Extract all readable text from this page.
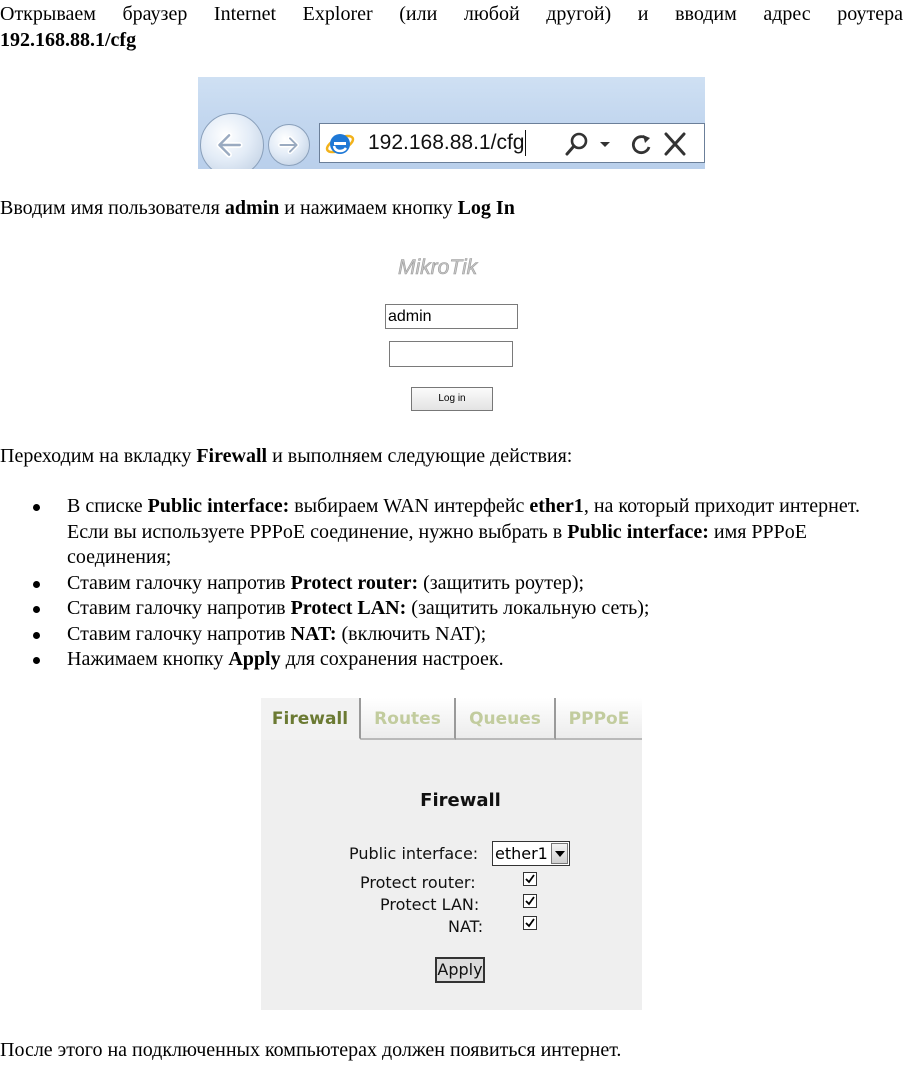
Открываем браузер Internet Explorer (или любой другой) и вводим адрес роутера
192.168.88.1/cfg
192.168.88.1/cfg
Вводим имя пользователя admin и нажимаем кнопку Log In
MikroTik
admin
Log in
Переходим на вкладку Firewall и выполняем следующие действия:
В списке Public interface: выбираем WAN интерфейс ether1, на который приходит интернет. Если вы используете PPPoE соединение, нужно выбрать в Public interface: имя PPPoE соединения;
Ставим галочку напротив Protect router: (защитить роутер);
Ставим галочку напротив Protect LAN: (защитить локальную сеть);
Ставим галочку напротив NAT: (включить NAT);
Нажимаем кнопку Apply для сохранения настроек.
Firewall	Routes	Queues	PPPoE
Firewall
Public interface: ether1
Protect router:
Protect LAN:
NAT:
Apply
После этого на подключенных компьютерах должен появиться интернет.
